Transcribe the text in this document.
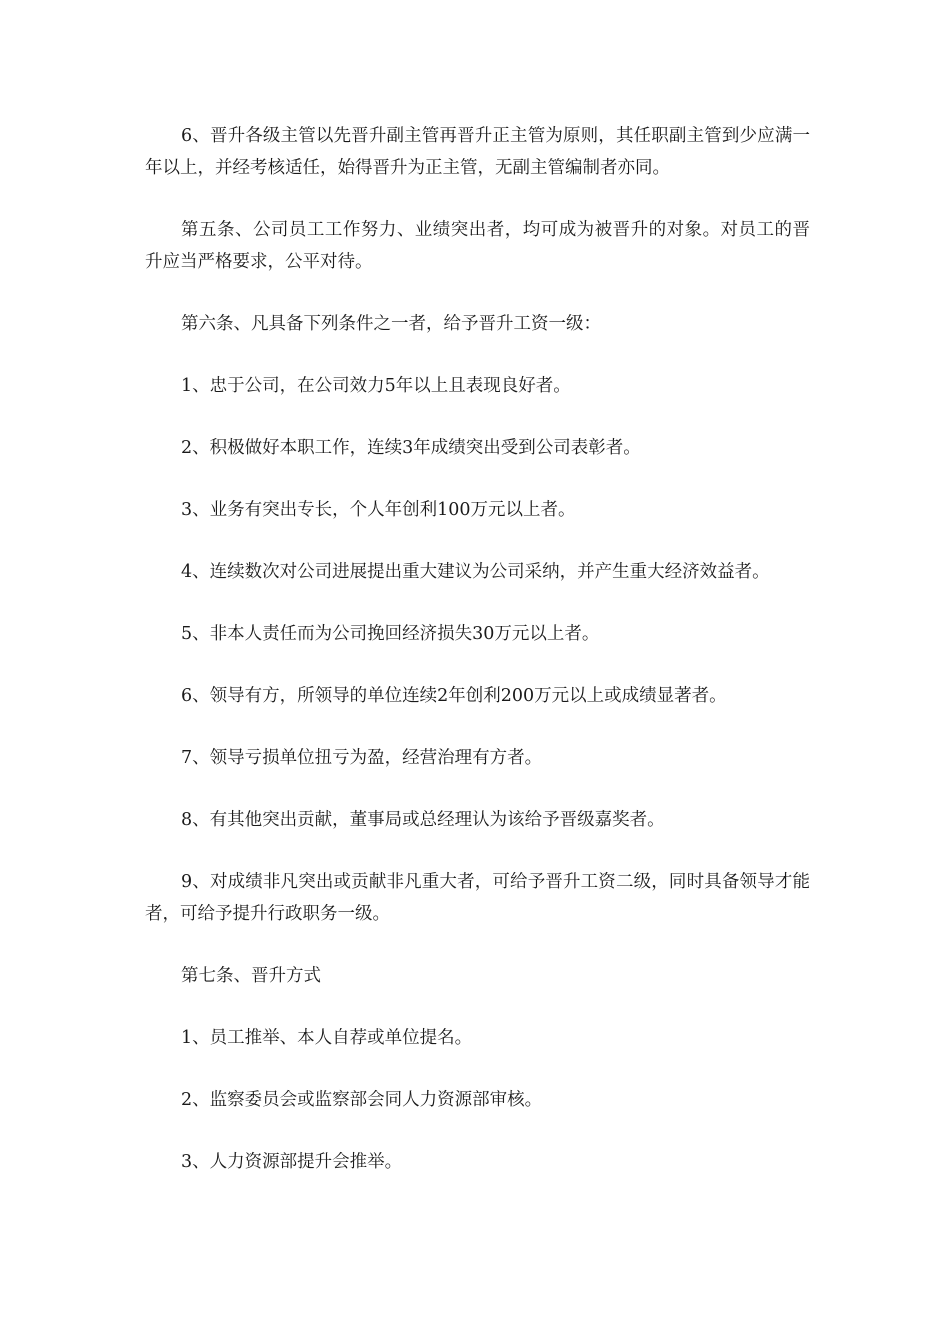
6、晋升各级主管以先晋升副主管再晋升正主管为原则，其任职副主管到少应满一年以上，并经考核适任，始得晋升为正主管，无副主管编制者亦同。

第五条、公司员工工作努力、业绩突出者，均可成为被晋升的对象。对员工的晋升应当严格要求，公平对待。

第六条、凡具备下列条件之一者，给予晋升工资一级：

1、忠于公司，在公司效力5年以上且表现良好者。

2、积极做好本职工作，连续3年成绩突出受到公司表彰者。

3、业务有突出专长，个人年创利100万元以上者。

4、连续数次对公司进展提出重大建议为公司采纳，并产生重大经济效益者。

5、非本人责任而为公司挽回经济损失30万元以上者。

6、领导有方，所领导的单位连续2年创利200万元以上或成绩显著者。

7、领导亏损单位扭亏为盈，经营治理有方者。

8、有其他突出贡献，董事局或总经理认为该给予晋级嘉奖者。

9、对成绩非凡突出或贡献非凡重大者，可给予晋升工资二级，同时具备领导才能者，可给予提升行政职务一级。

第七条、晋升方式

1、员工推举、本人自荐或单位提名。

2、监察委员会或监察部会同人力资源部审核。

3、人力资源部提升会推举。
